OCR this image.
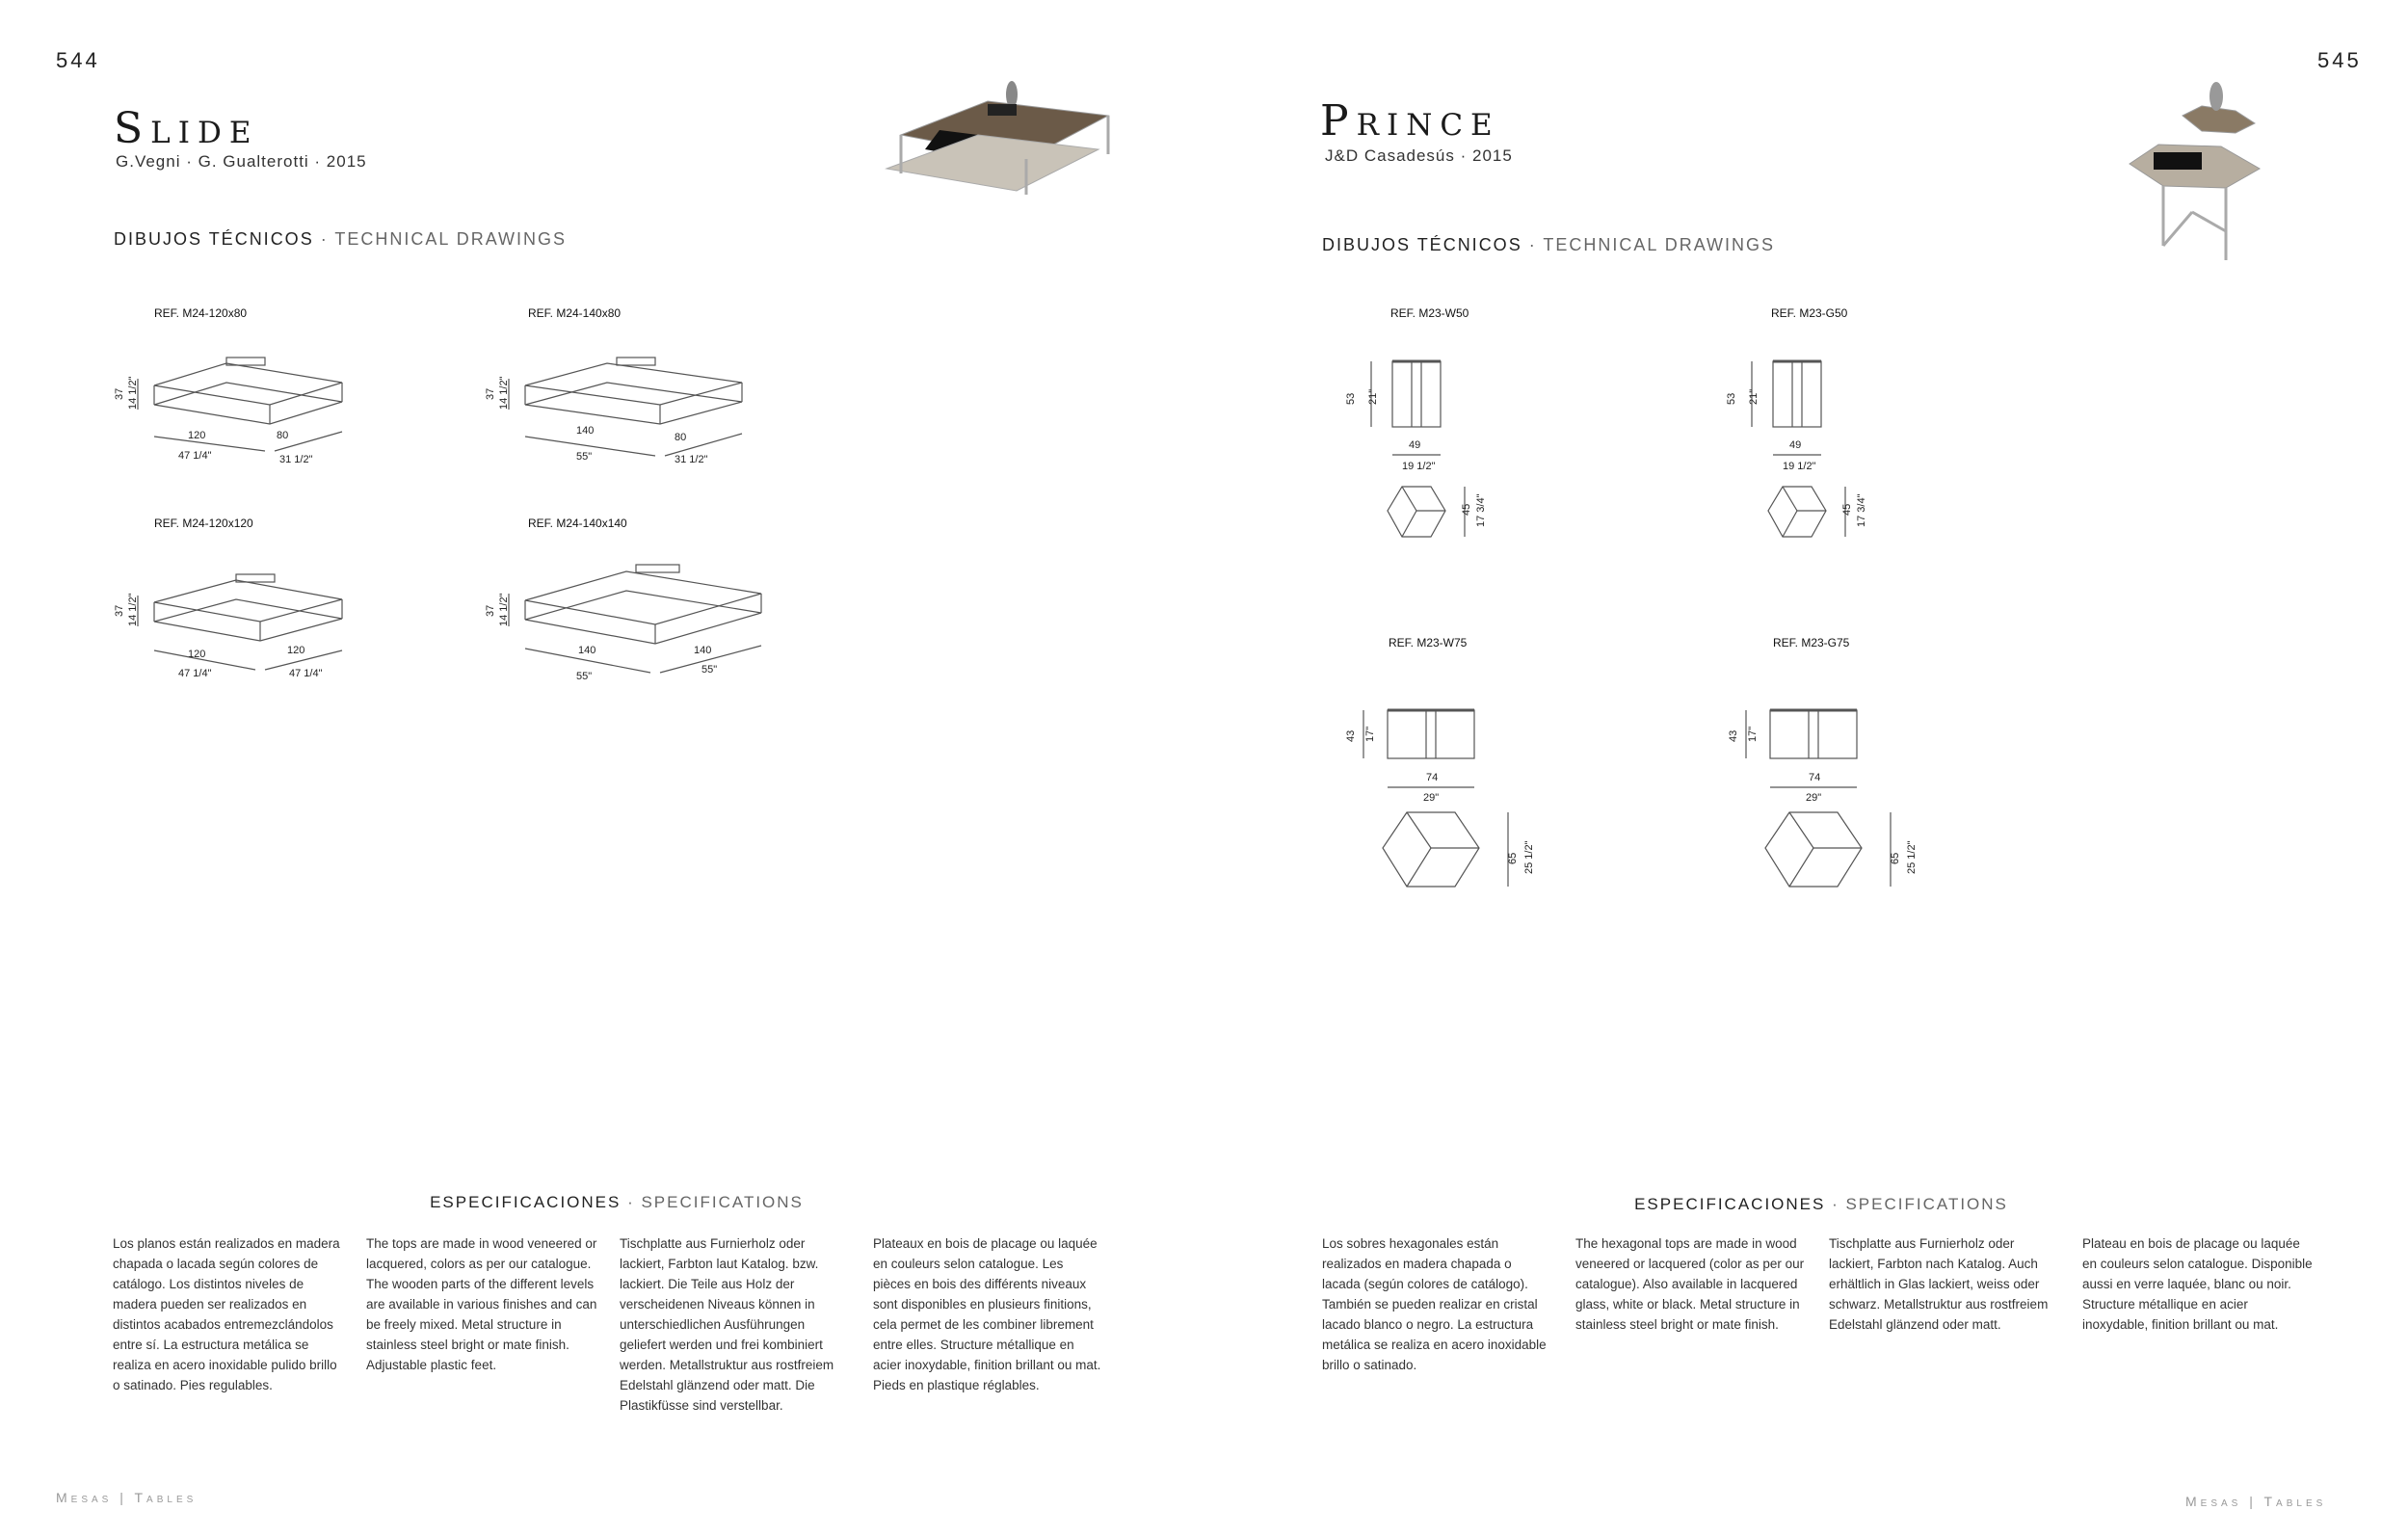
544
Slide
G.Vegni · G. Gualterotti · 2015
DIBUJOS TÉCNICOS · TECHNICAL DRAWINGS
REF. M24-120x80	REF. M24-140x80
REF. M24-120x120	REF. M24-140x140
37 14 1/2"
120
47 1/4"
80
31 1/2"
37 14 1/2"
140
55"
80
31 1/2"
37 14 1/2"
120
47 1/4"
120
47 1/4"
37 14 1/2"
140
55"
140
55"
ESPECIFICACIONES · SPECIFICATIONS
Los planos están realizados en madera chapada o lacada según colores de catálogo. Los distintos niveles de madera pueden ser realizados en distintos acabados entremezclándolos entre sí. La estructura metálica se realiza en acero inoxidable pulido brillo o satinado. Pies regulables.
The tops are made in wood veneered or lacquered, colors as per our catalogue. The wooden parts of the different levels are available in various finishes and can be freely mixed. Metal structure in stainless steel bright or mate finish. Adjustable plastic feet.
Tischplatte aus Furnierholz oder lackiert, Farbton laut Katalog. bzw. lackiert. Die Teile aus Holz der verscheidenen Niveaus können in unterschiedlichen Ausführungen geliefert werden und frei kombiniert werden. Metallstruktur aus rostfreiem Edelstahl glänzend oder matt. Die Plastikfüsse sind verstellbar.
Plateaux en bois de placage ou laquée en couleurs selon catalogue. Les pièces en bois des différents niveaux sont disponibles en plusieurs finitions, cela permet de les combiner librement entre elles. Structure métallique en acier inoxydable, finition brillant ou mat. Pieds en plastique réglables.
Mesas | Tables
545
Prince
J&D Casadesús · 2015
DIBUJOS TÉCNICOS · TECHNICAL DRAWINGS
REF. M23-W50	REF. M23-G50
REF. M23-W75	REF. M23-G75
53 21"
49
19 1/2"
45 17 3/4"
53 21"
49
19 1/2"
45 17 3/4"
43 17"
74
29"
65 25 1/2"
43 17"
74
29"
65 25 1/2"
ESPECIFICACIONES · SPECIFICATIONS
Los sobres hexagonales están realizados en madera chapada o lacada (según colores de catálogo). También se pueden realizar en cristal lacado blanco o negro. La estructura metálica se realiza en acero inoxidable brillo o satinado.
The hexagonal tops are made in wood veneered or lacquered (color as per our catalogue). Also available in lacquered glass, white or black. Metal structure in stainless steel bright or mate finish.
Tischplatte aus Furnierholz oder lackiert, Farbton nach Katalog. Auch erhältlich in Glas lackiert, weiss oder schwarz. Metallstruktur aus rostfreiem Edelstahl glänzend oder matt.
Plateau en bois de placage ou laquée en couleurs selon catalogue. Disponible aussi en verre laquée, blanc ou noir. Structure métallique en acier inoxydable, finition brillant ou mat.
Mesas | Tables
